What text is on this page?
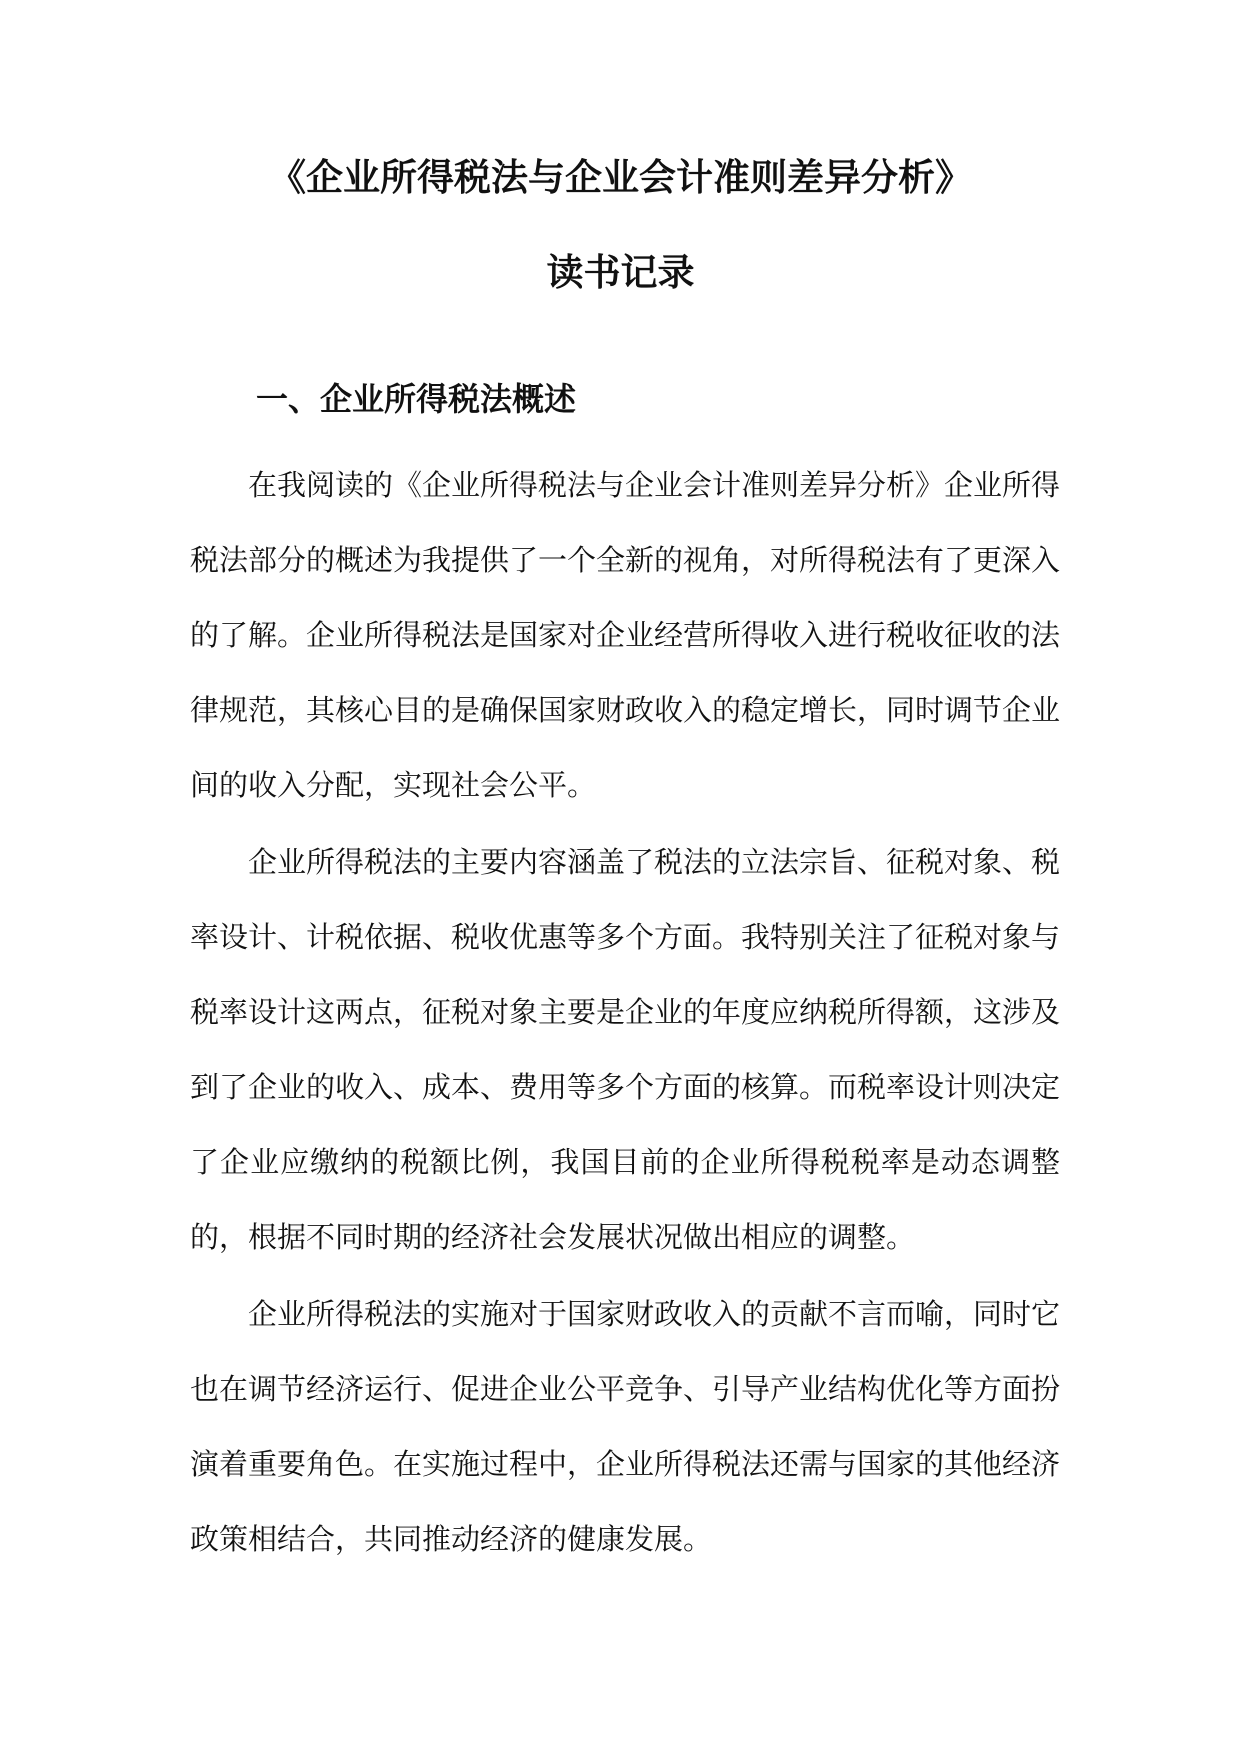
《企业所得税法与企业会计准则差异分析》
读书记录
一、企业所得税法概述
在我阅读的《企业所得税法与企业会计准则差异分析》企业所得税法部分的概述为我提供了一个全新的视角，对所得税法有了更深入的了解。企业所得税法是国家对企业经营所得收入进行税收征收的法律规范，其核心目的是确保国家财政收入的稳定增长，同时调节企业间的收入分配，实现社会公平。
企业所得税法的主要内容涵盖了税法的立法宗旨、征税对象、税率设计、计税依据、税收优惠等多个方面。我特别关注了征税对象与税率设计这两点，征税对象主要是企业的年度应纳税所得额，这涉及到了企业的收入、成本、费用等多个方面的核算。而税率设计则决定了企业应缴纳的税额比例，我国目前的企业所得税税率是动态调整的，根据不同时期的经济社会发展状况做出相应的调整。
企业所得税法的实施对于国家财政收入的贡献不言而喻，同时它也在调节经济运行、促进企业公平竞争、引导产业结构优化等方面扮演着重要角色。在实施过程中，企业所得税法还需与国家的其他经济政策相结合，共同推动经济的健康发展。
